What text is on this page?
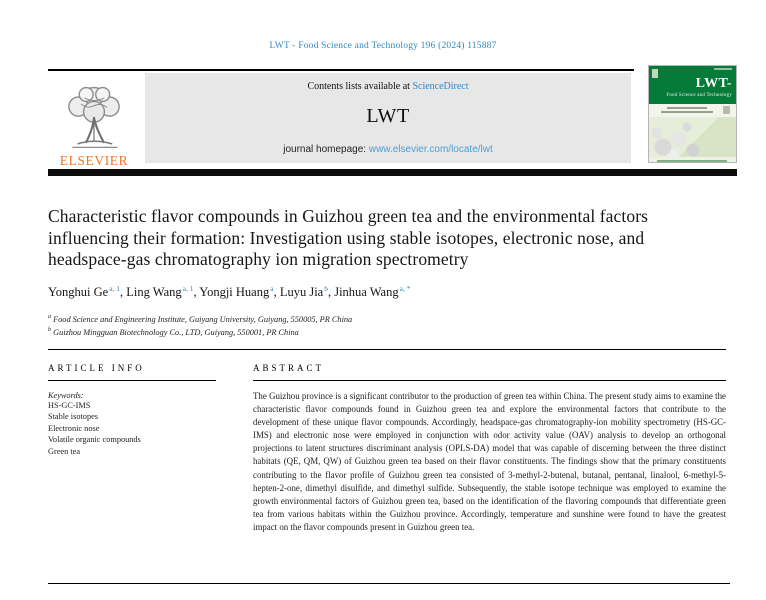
LWT - Food Science and Technology 196 (2024) 115887
ELSEVIER
Contents lists available at ScienceDirect
LWT
journal homepage: www.elsevier.com/locate/lwt
LWT-
Food Science and Technology
Characteristic flavor compounds in Guizhou green tea and the environmental factors influencing their formation: Investigation using stable isotopes, electronic nose, and headspace-gas chromatography ion migration spectrometry
Yonghui Ge$^{a, 1}$, Ling Wang$^{a, 1}$, Yongji Huang$^a$, Luyu Jia$^b$, Jinhua Wang$^{a, *}$
$^a$ Food Science and Engineering Institute, Guiyang University, Guiyang, 550005, PR China
$^b$ Guizhou Mingguan Biotechnology Co., LTD, Guiyang, 550001, PR China
ARTICLE INFO
Keywords:
HS-GC-IMS
Stable isotopes
Electronic nose
Volatile organic compounds
Green tea
ABSTRACT

The Guizhou province is a significant contributor to the production of green tea within China. The present study aims to examine the characteristic flavor compounds found in Guizhou green tea and explore the environmental factors that contribute to the development of these unique flavor compounds. Accordingly, headspace-gas chromatography-ion mobility spectrometry (HS-GC-IMS) and electronic nose were employed in conjunction with odor activity value (OAV) analysis to develop an orthogonal projections to latent structures discriminant analysis (OPLS-DA) model that was capable of discerning between the three distinct habitats (QE, QM, QW) of Guizhou green tea based on their flavor constituents. The findings show that the primary constituents contributing to the flavor profile of Guizhou green tea consisted of 3-methyl-2-butenal, butanal, pentanal, linalool, 6-methyl-5-hepten-2-one, dimethyl disulfide, and dimethyl sulfide. Subsequently, the stable isotope technique was employed to examine the growth environmental factors of Guizhou green tea, based on the identification of the flavoring compounds that differentiate green tea from various habitats within the Guizhou province. Accordingly, temperature and sunshine were found to have the greatest impact on the flavor compounds present in Guizhou green tea.
